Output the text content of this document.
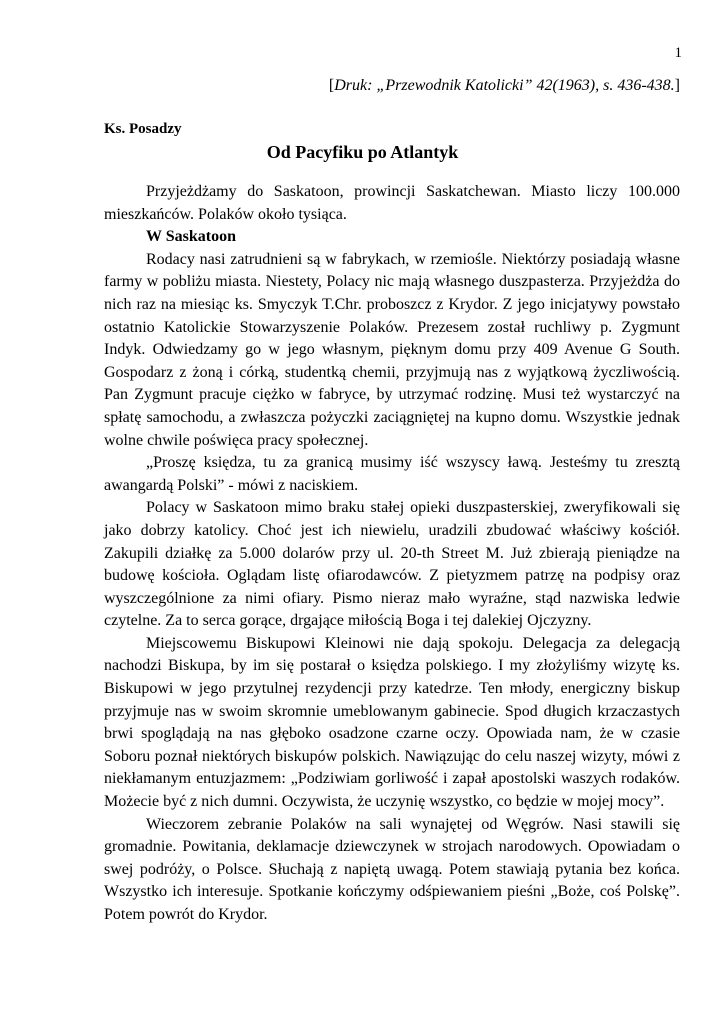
1
[Druk: „Przewodnik Katolicki” 42(1963), s. 436-438.]
Ks. Posadzy
Od Pacyfiku po Atlantyk

Przyjeżdżamy do Saskatoon, prowincji Saskatchewan. Miasto liczy 100.000 mieszkańców. Polaków około tysiąca.

W Saskatoon

Rodacy nasi zatrudnieni są w fabrykach, w rzemiośle. Niektórzy posiadają własne farmy w pobliżu miasta. Niestety, Polacy nic mają własnego duszpasterza. Przyjeżdża do nich raz na miesiąc ks. Smyczyk T.Chr. proboszcz z Krydor. Z jego inicjatywy powstało ostatnio Katolickie Stowarzyszenie Polaków. Prezesem został ruchliwy p. Zygmunt Indyk. Odwiedzamy go w jego własnym, pięknym domu przy 409 Avenue G South. Gospodarz z żoną i córką, studentką chemii, przyjmują nas z wyjątkową życzliwością. Pan Zygmunt pracuje ciężko w fabryce, by utrzymać rodzinę. Musi też wystarczyć na spłatę samochodu, a zwłaszcza pożyczki zaciągniętej na kupno domu. Wszystkie jednak wolne chwile poświęca pracy społecznej.

„Proszę księdza, tu za granicą musimy iść wszyscy ławą. Jesteśmy tu zresztą awangardą Polski” - mówi z naciskiem.

Polacy w Saskatoon mimo braku stałej opieki duszpasterskiej, zweryfikowali się jako dobrzy katolicy. Choć jest ich niewielu, uradzili zbudować właściwy kościół. Zakupili działkę za 5.000 dolarów przy ul. 20-th Street M. Już zbierają pieniądze na budowę kościoła. Oglądam listę ofiarodawców. Z pietyzmem patrzę na podpisy oraz wyszczególnione za nimi ofiary. Pismo nieraz mało wyraźne, stąd nazwiska ledwie czytelne. Za to serca gorące, drgające miłością Boga i tej dalekiej Ojczyzny.

Miejscowemu Biskupowi Kleinowi nie dają spokoju. Delegacja za delegacją nachodzi Biskupa, by im się postarał o księdza polskiego. I my złożyliśmy wizytę ks. Biskupowi w jego przytulnej rezydencji przy katedrze. Ten młody, energiczny biskup przyjmuje nas w swoim skromnie umeblowanym gabinecie. Spod długich krzaczastych brwi spoglądają na nas głęboko osadzone czarne oczy. Opowiada nam, że w czasie Soboru poznał niektórych biskupów polskich. Nawiązując do celu naszej wizyty, mówi z niekłamanym entuzjazmem: „Podziwiam gorliwość i zapał apostolski waszych rodaków. Możecie być z nich dumni. Oczywista, że uczynię wszystko, co będzie w mojej mocy”.

Wieczorem zebranie Polaków na sali wynajętej od Węgrów. Nasi stawili się gromadnie. Powitania, deklamacje dziewczynek w strojach narodowych. Opowiadam o swej podróży, o Polsce. Słuchają z napiętą uwagą. Potem stawiają pytania bez końca. Wszystko ich interesuje. Spotkanie kończymy odśpiewaniem pieśni „Boże, coś Polskę”. Potem powrót do Krydor.
